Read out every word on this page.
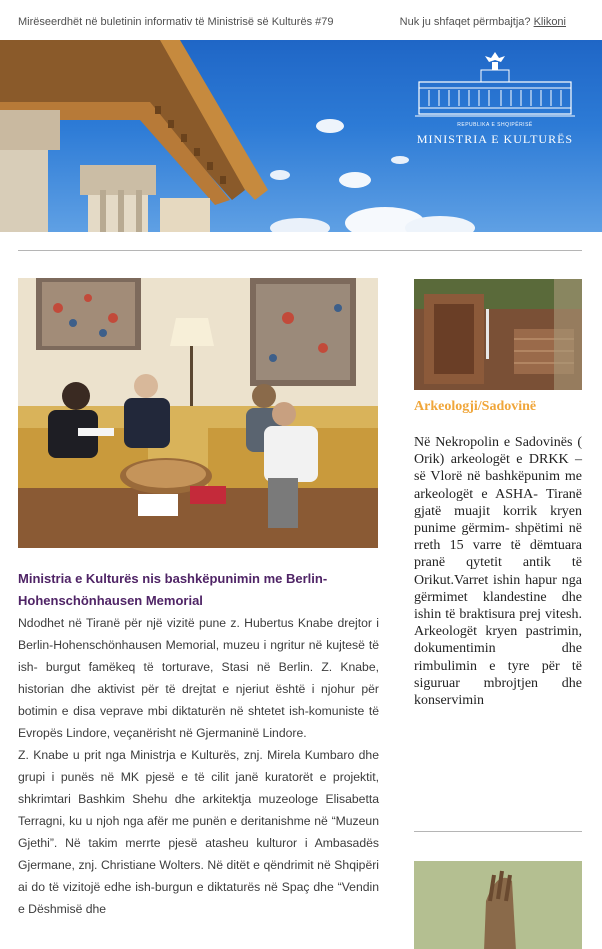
Mirëseerdhët në buletinin informativ të Ministrisë së Kulturës #79	Nuk ju shfaqet përmbajtja? Klikoni
REPUBLIKA E SHQIPËRISË
MINISTRIA E KULTURËS
Ministria e Kulturës nis bashkëpunimin me Berlin-Hohenschönhausen Memorial

Ndodhet në Tiranë për një vizitë pune z. Hubertus Knabe drejtor i Berlin-Hohenschönhausen Memorial, muzeu i ngritur në kujtesë të ish- burgut famëkeq të torturave, Stasi në Berlin. Z. Knabe, historian dhe aktivist për të drejtat e njeriut është i njohur për botimin e disa veprave mbi diktaturën në shtetet ish-komuniste të Evropës Lindore, veçanërisht në Gjermaninë Lindore.

Z. Knabe u prit nga Ministrja e Kulturës, znj. Mirela Kumbaro dhe grupi i punës në MK pjesë e të cilit janë kuratorët e projektit, shkrimtari Bashkim Shehu dhe arkitektja muzeologe Elisabetta Terragni, ku u njoh nga afër me punën e deritanishme në “Muzeun Gjethi”. Në takim merrte pjesë atasheu kulturor i Ambasadës Gjermane, znj. Christiane Wolters. Në ditët e qëndrimit në Shqipëri ai do të vizitojë edhe ish-burgun e diktaturës në Spaç dhe “Vendin e Dëshmisë dhe

Arkeologji/Sadovinë
Në Nekropolin e Sadovinës ( Orik) arkeologët e DRKK – së Vlorë në bashkëpunim me arkeologët e ASHA- Tiranë gjatë muajit korrik kryen punime gërmim- shpëtimi në rreth 15 varre të dëmtuara pranë qytetit antik të Orikut.Varret ishin hapur nga gërmimet klandestine dhe ishin të braktisura prej vitesh. Arkeologët kryen pastrimin, dokumentimin dhe rimbulimin e tyre për të siguruar mbrojtjen dhe konservimin
